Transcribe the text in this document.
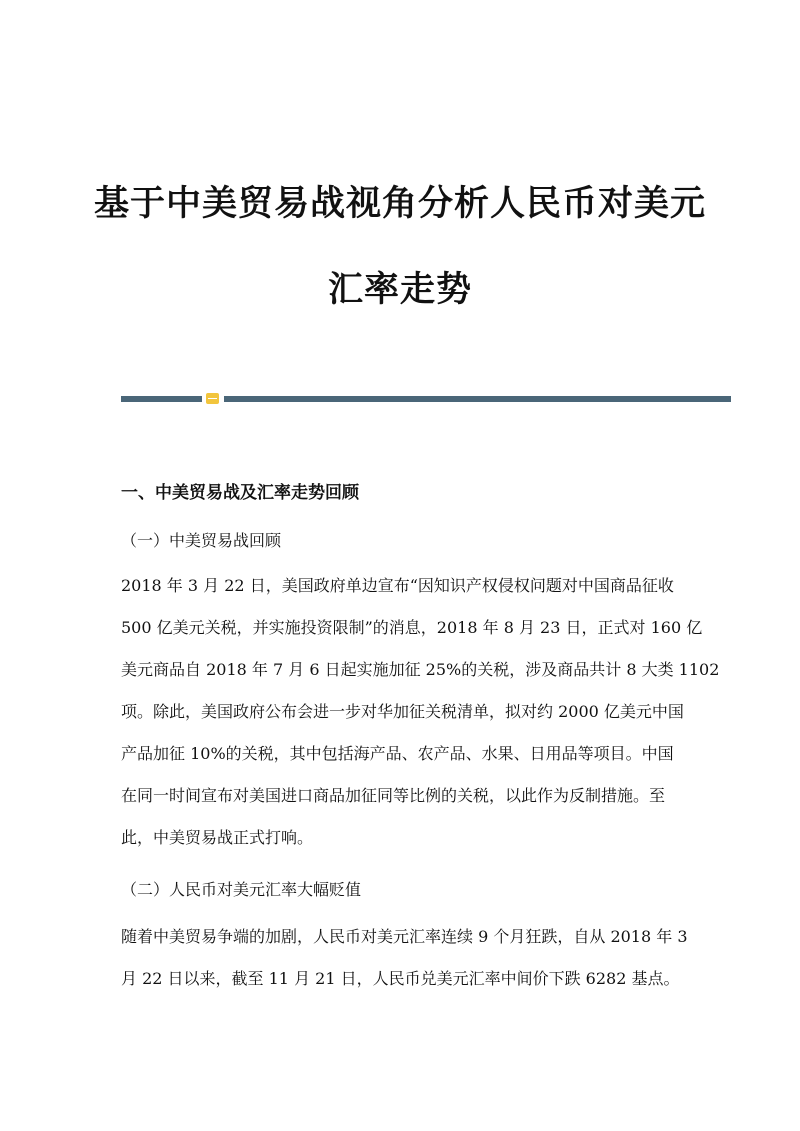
基于中美贸易战视角分析人民币对美元
汇率走势
一、中美贸易战及汇率走势回顾
（一）中美贸易战回顾
2018 年 3 月 22 日，美国政府单边宣布“因知识产权侵权问题对中国商品征收
500 亿美元关税，并实施投资限制”的消息，2018 年 8 月 23 日，正式对 160 亿
美元商品自 2018 年 7 月 6 日起实施加征 25%的关税，涉及商品共计 8 大类 1102
项。除此，美国政府公布会进一步对华加征关税清单，拟对约 2000 亿美元中国
产品加征 10%的关税，其中包括海产品、农产品、水果、日用品等项目。中国
在同一时间宣布对美国进口商品加征同等比例的关税，以此作为反制措施。至
此，中美贸易战正式打响。
（二）人民币对美元汇率大幅贬值
随着中美贸易争端的加剧，人民币对美元汇率连续 9 个月狂跌，自从 2018 年 3
月 22 日以来，截至 11 月 21 日，人民币兑美元汇率中间价下跌 6282 基点。
